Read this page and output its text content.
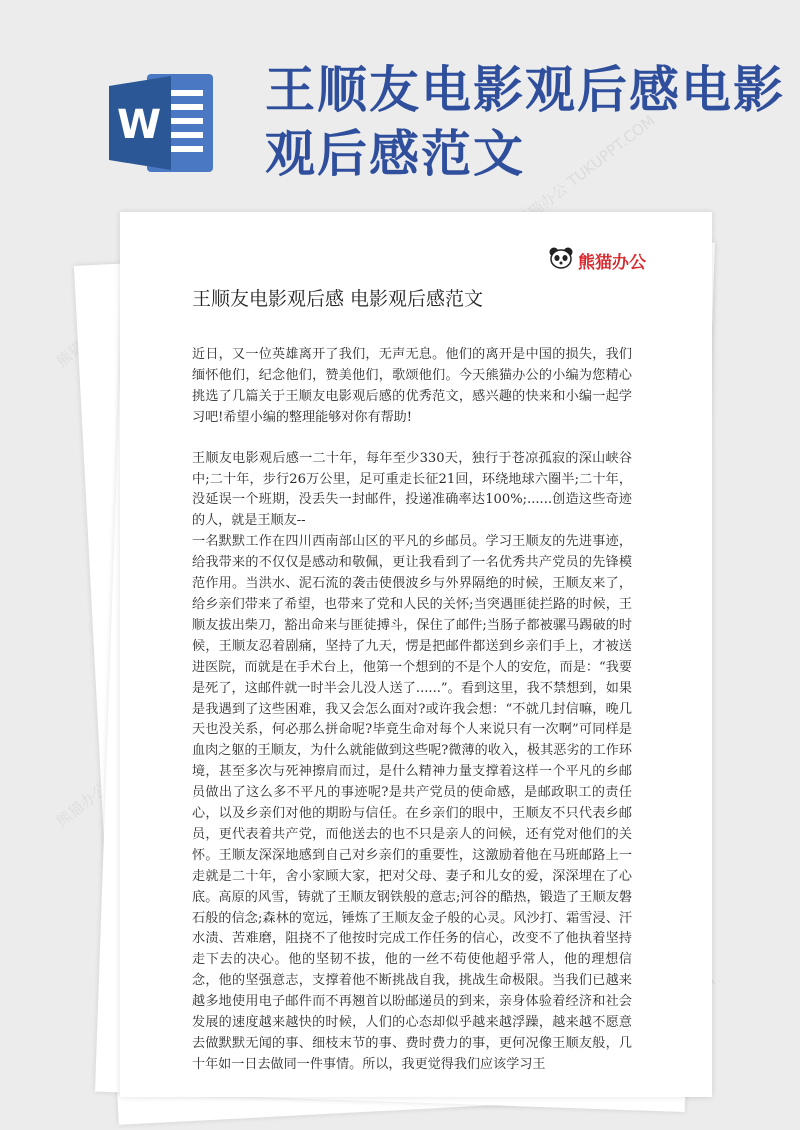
W
王顺友电影观后感电影观后感范文
熊猫办公 TUKUPPT.COM
熊猫办公
熊猫办公
王顺友电影观后感 电影观后感范文

近日，又一位英雄离开了我们，无声无息。他们的离开是中国的损失，我们缅怀他们，纪念他们，赞美他们，歌颂他们。今天熊猫办公的小编为您精心挑选了几篇关于王顺友电影观后感的优秀范文，感兴趣的快来和小编一起学习吧!希望小编的整理能够对你有帮助!

王顺友电影观后感一二十年，每年至少330天，独行于苍凉孤寂的深山峡谷中;二十年，步行26万公里，足可重走长征21回，环绕地球六圈半;二十年，没延误一个班期，没丢失一封邮件，投递准确率达100%;......创造这些奇迹的人，就是王顺友--

一名默默工作在四川西南部山区的平凡的乡邮员。学习王顺友的先进事迹，给我带来的不仅仅是感动和敬佩，更让我看到了一名优秀共产党员的先锋模范作用。当洪水、泥石流的袭击使偎波乡与外界隔绝的时候，王顺友来了，给乡亲们带来了希望，也带来了党和人民的关怀;当突遇匪徒拦路的时候，王顺友拔出柴刀，豁出命来与匪徒搏斗，保住了邮件;当肠子都被骡马踢破的时候，王顺友忍着剧痛，坚持了九天，愣是把邮件都送到乡亲们手上，才被送进医院，而就是在手术台上，他第一个想到的不是个人的安危，而是：“我要是死了，这邮件就一时半会儿没人送了......”。看到这里，我不禁想到，如果是我遇到了这些困难，我又会怎么面对?或许我会想：“不就几封信嘛，晚几天也没关系，何必那么拼命呢?毕竟生命对每个人来说只有一次啊”可同样是血肉之躯的王顺友，为什么就能做到这些呢?微薄的收入，极其恶劣的工作环境，甚至多次与死神擦肩而过，是什么精神力量支撑着这样一个平凡的乡邮员做出了这么多不平凡的事迹呢?是共产党员的使命感，是邮政职工的责任心，以及乡亲们对他的期盼与信任。在乡亲们的眼中，王顺友不只代表乡邮员，更代表着共产党，而他送去的也不只是亲人的问候，还有党对他们的关怀。王顺友深深地感到自己对乡亲们的重要性，这激励着他在马班邮路上一走就是二十年，舍小家顾大家，把对父母、妻子和儿女的爱，深深埋在了心底。高原的风雪，铸就了王顺友钢铁般的意志;河谷的酷热，锻造了王顺友磐石般的信念;森林的宽远，锤炼了王顺友金子般的心灵。风沙打、霜雪浸、汗水渍、苦难磨，阻挠不了他按时完成工作任务的信心，改变不了他执着坚持走下去的决心。他的坚韧不拔，他的一丝不苟使他超乎常人，他的理想信念，他的坚强意志，支撑着他不断挑战自我，挑战生命极限。当我们已越来越多地使用电子邮件而不再翘首以盼邮递员的到来，亲身体验着经济和社会发展的速度越来越快的时候，人们的心态却似乎越来越浮躁，越来越不愿意去做默默无闻的事、细枝末节的事、费时费力的事，更何况像王顺友般，几十年如一日去做同一件事情。所以，我更觉得我们应该学习王
